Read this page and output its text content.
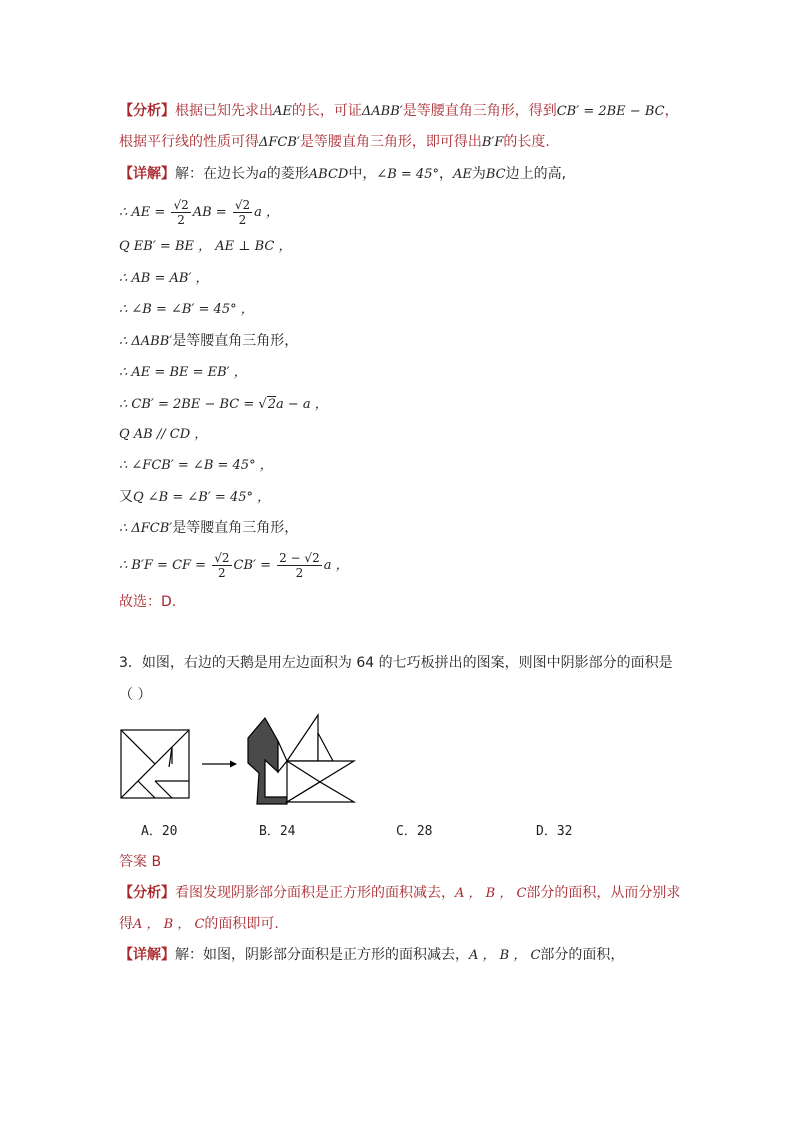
【分析】根据已知先求出AE的长，可证ΔABB′是等腰直角三角形，得到CB′ = 2BE − BC，
根据平行线的性质可得ΔFCB′是等腰直角三角形，即可得出B′F的长度.
【详解】解：在边长为a的菱形ABCD中，∠B = 45°，AE为BC边上的高,
∴ AE = $\frac{√2}{2}$ AB = $\frac{√2}{2}$ a ，
Q EB′ = BE ， AE ⊥ BC ，
∴ AB = AB′ ，
∴ ∠B = ∠B′ = 45° ，
∴ ΔABB′是等腰直角三角形，
∴ AE = BE = EB′ ，
∴ CB′ = 2BE − BC = √2a − a ，
Q AB // CD ，
∴ ∠FCB′ = ∠B = 45° ，
又Q ∠B = ∠B′ = 45° ，
∴ ΔFCB′是等腰直角三角形，
∴ B′F = CF = $\frac{√2}{2} CB' = \frac{2 - √2}{2}$ a ，
故选：D.
3．如图，右边的天鹅是用左边面积为 64 的七巧板拼出的图案，则图中阴影部分的面积是
（ ）
A．20	B．24	C．28	D．32
答案 B
【分析】看图发现阴影部分面积是正方形的面积减去，A ， B ， C部分的面积，从而分别求
得A ， B ， C的面积即可.
【详解】解：如图，阴影部分面积是正方形的面积减去，A ， B ， C部分的面积，
